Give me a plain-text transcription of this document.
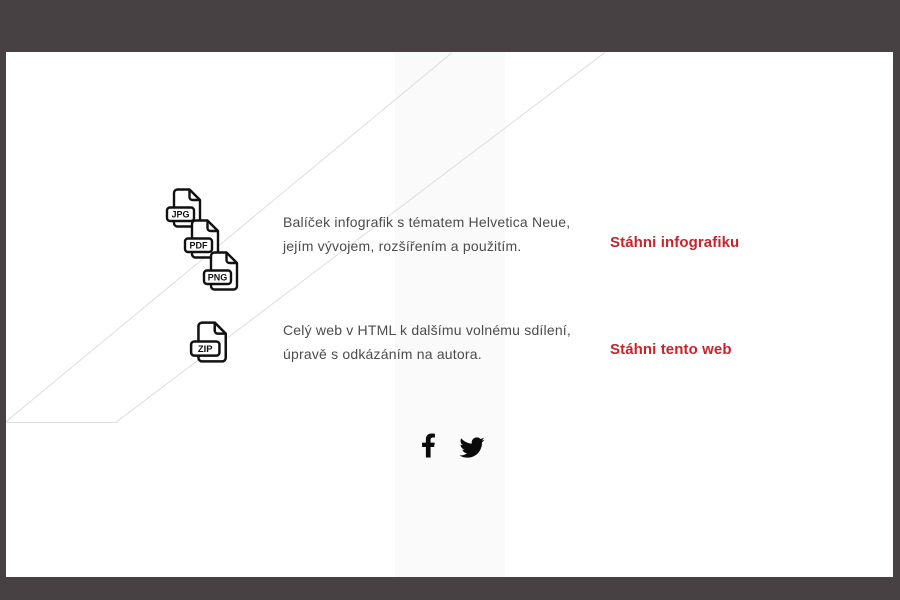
JPG
PDF
PNG
Balíček infografik s tématem Helvetica Neue,
jejím vývojem, rozšířením a použitím.	Stáhni infografiku
ZIP
Celý web v HTML k dalšímu volnému sdílení,
úpravě s odkázáním na autora.	Stáhni tento web
